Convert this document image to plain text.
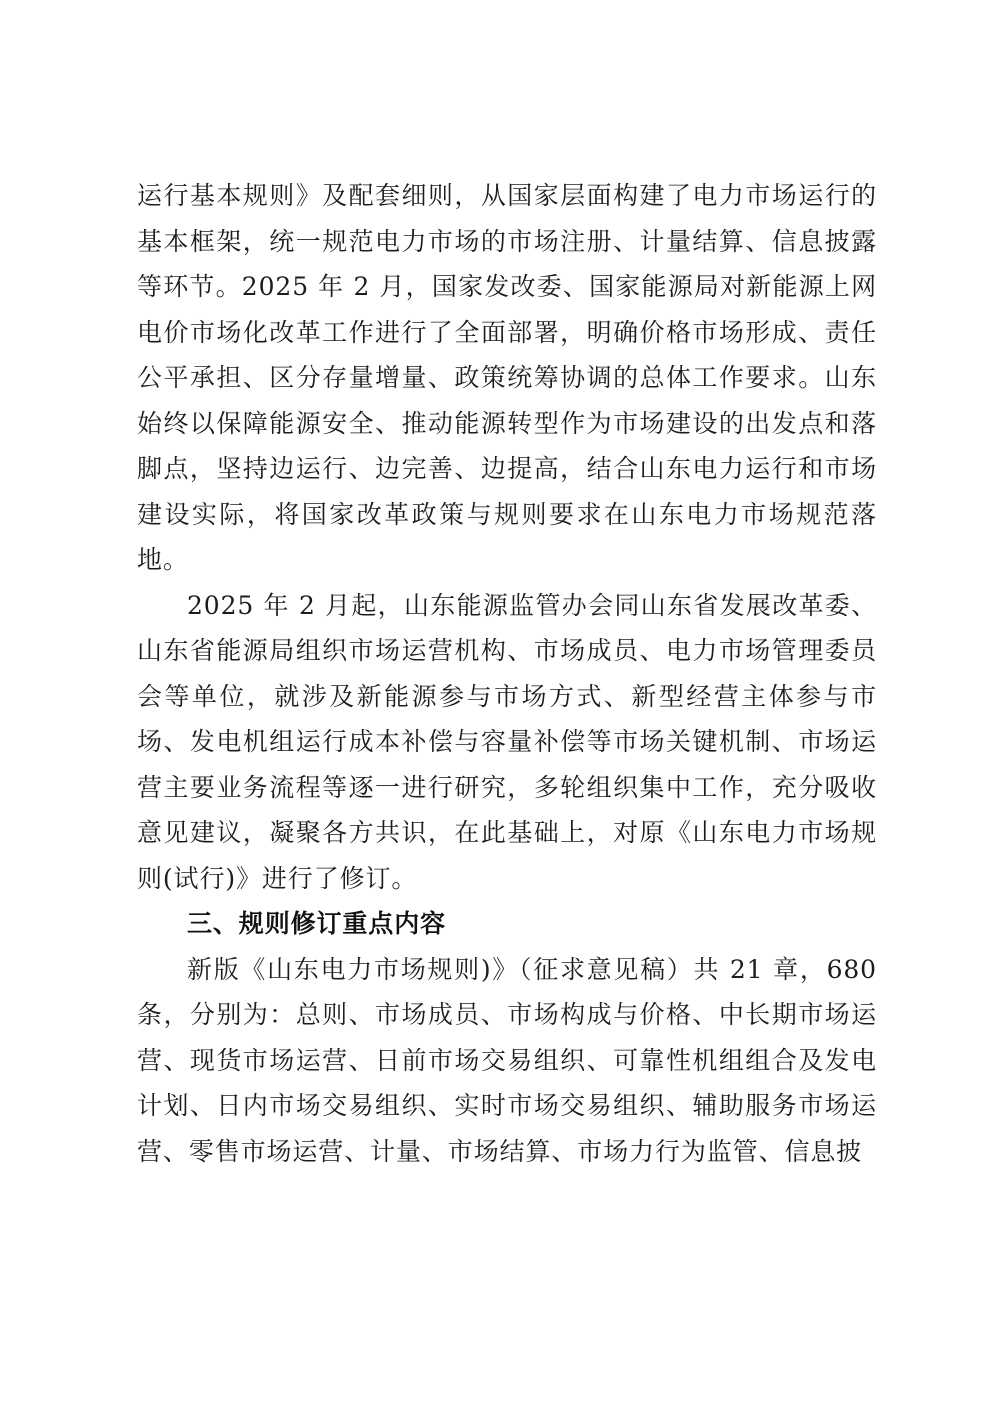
运行基本规则》及配套细则，从国家层面构建了电力市场运行的基本框架，统一规范电力市场的市场注册、计量结算、信息披露等环节。2025 年 2 月，国家发改委、国家能源局对新能源上网电价市场化改革工作进行了全面部署，明确价格市场形成、责任公平承担、区分存量增量、政策统筹协调的总体工作要求。山东始终以保障能源安全、推动能源转型作为市场建设的出发点和落脚点，坚持边运行、边完善、边提高，结合山东电力运行和市场建设实际，将国家改革政策与规则要求在山东电力市场规范落地。

2025 年 2 月起，山东能源监管办会同山东省发展改革委、山东省能源局组织市场运营机构、市场成员、电力市场管理委员会等单位，就涉及新能源参与市场方式、新型经营主体参与市场、发电机组运行成本补偿与容量补偿等市场关键机制、市场运营主要业务流程等逐一进行研究，多轮组织集中工作，充分吸收意见建议，凝聚各方共识，在此基础上，对原《山东电力市场规则(试行)》进行了修订。

三、规则修订重点内容

新版《山东电力市场规则)》（征求意见稿）共 21 章，680 条，分别为：总则、市场成员、市场构成与价格、中长期市场运营、现货市场运营、日前市场交易组织、可靠性机组组合及发电计划、日内市场交易组织、实时市场交易组织、辅助服务市场运营、零售市场运营、计量、市场结算、市场力行为监管、信息披
